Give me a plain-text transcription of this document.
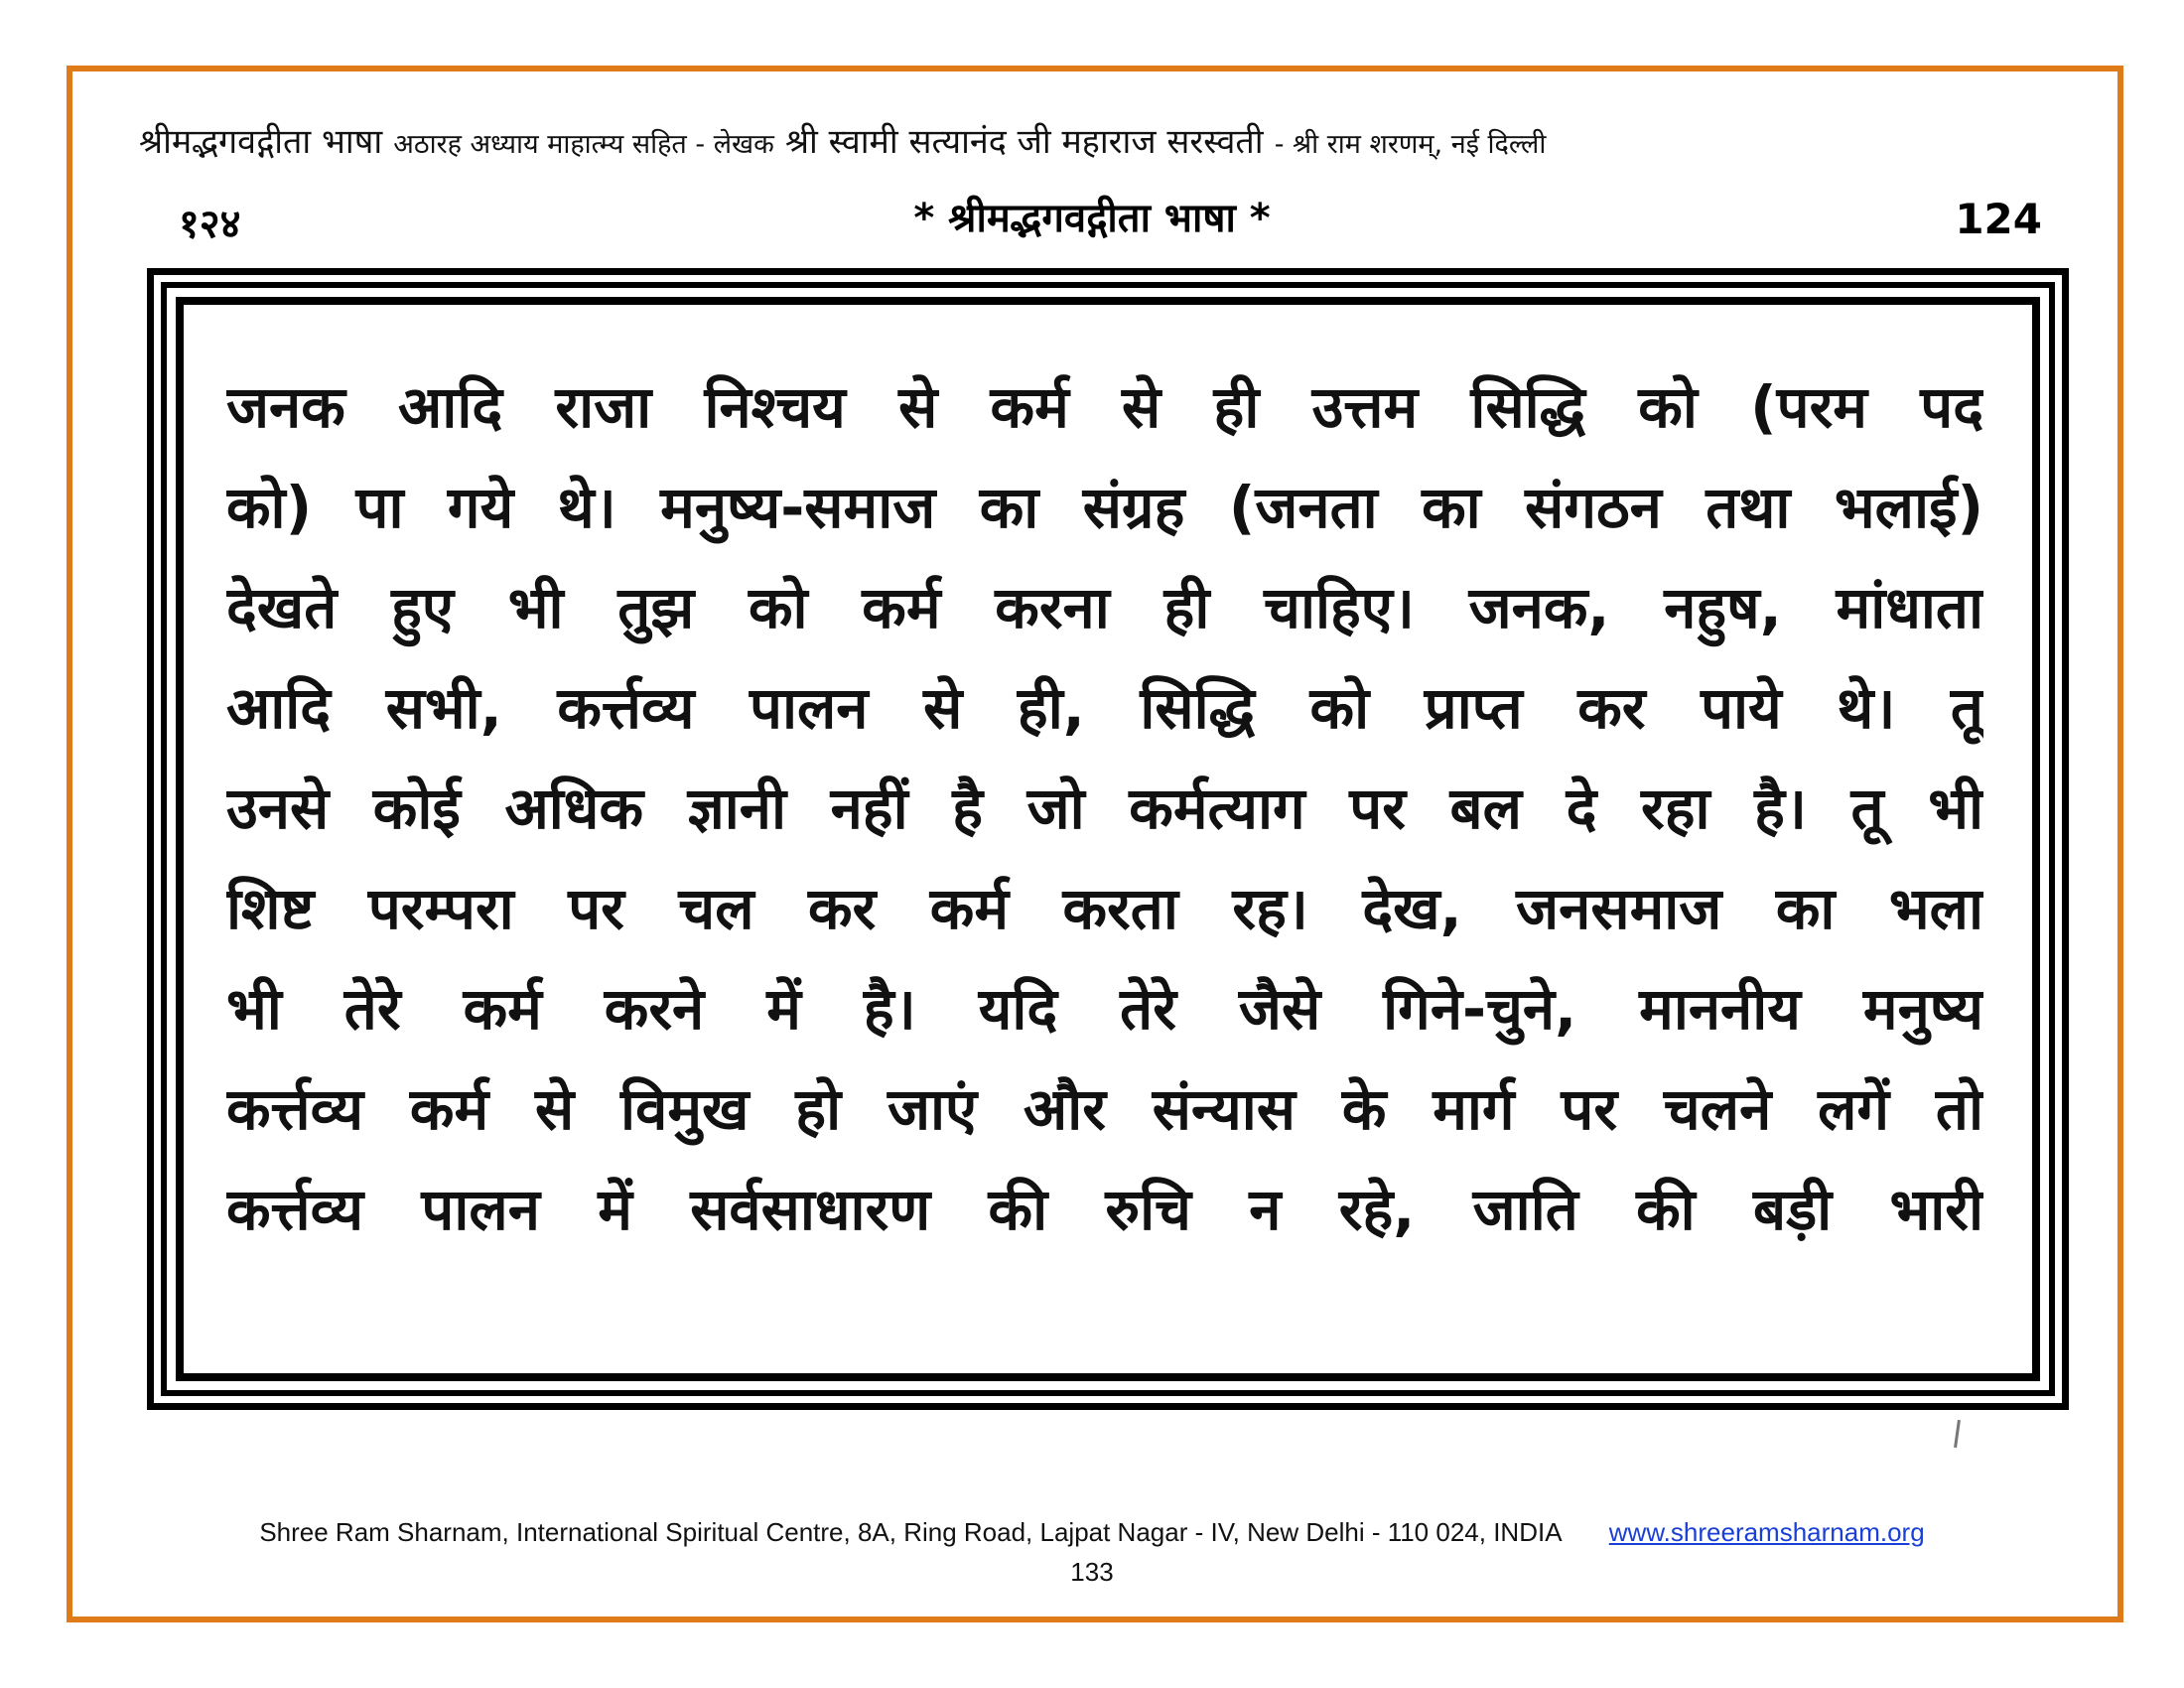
श्रीमद्भगवद्गीता भाषा अठारह अध्याय माहात्म्य सहित - लेखक श्री स्वामी सत्यानंद जी महाराज सरस्वती - श्री राम शरणम्, नई दिल्ली
१२४	* श्रीमद्भगवद्गीता भाषा *	124
जनक आदि राजा निश्चय से कर्म से ही उत्तम सिद्धि को (परम पद
को) पा गये थे। मनुष्य-समाज का संग्रह (जनता का संगठन तथा भलाई)
देखते हुए भी तुझ को कर्म करना ही चाहिए। जनक, नहुष, मांधाता
आदि सभी, कर्त्तव्य पालन से ही, सिद्धि को प्राप्त कर पाये थे। तू
उनसे कोई अधिक ज्ञानी नहीं है जो कर्मत्याग पर बल दे रहा है। तू भी
शिष्ट परम्परा पर चल कर कर्म करता रह। देख, जनसमाज का भला
भी तेरे कर्म करने में है। यदि तेरे जैसे गिने-चुने, माननीय मनुष्य
कर्त्तव्य कर्म से विमुख हो जाएं और संन्यास के मार्ग पर चलने लगें तो
कर्त्तव्य पालन में सर्वसाधारण की रुचि न रहे, जाति की बड़ी भारी
Shree Ram Sharnam, International Spiritual Centre, 8A, Ring Road, Lajpat Nagar - IV, New Delhi - 110 024, INDIA www.shreeramsharnam.org
133
